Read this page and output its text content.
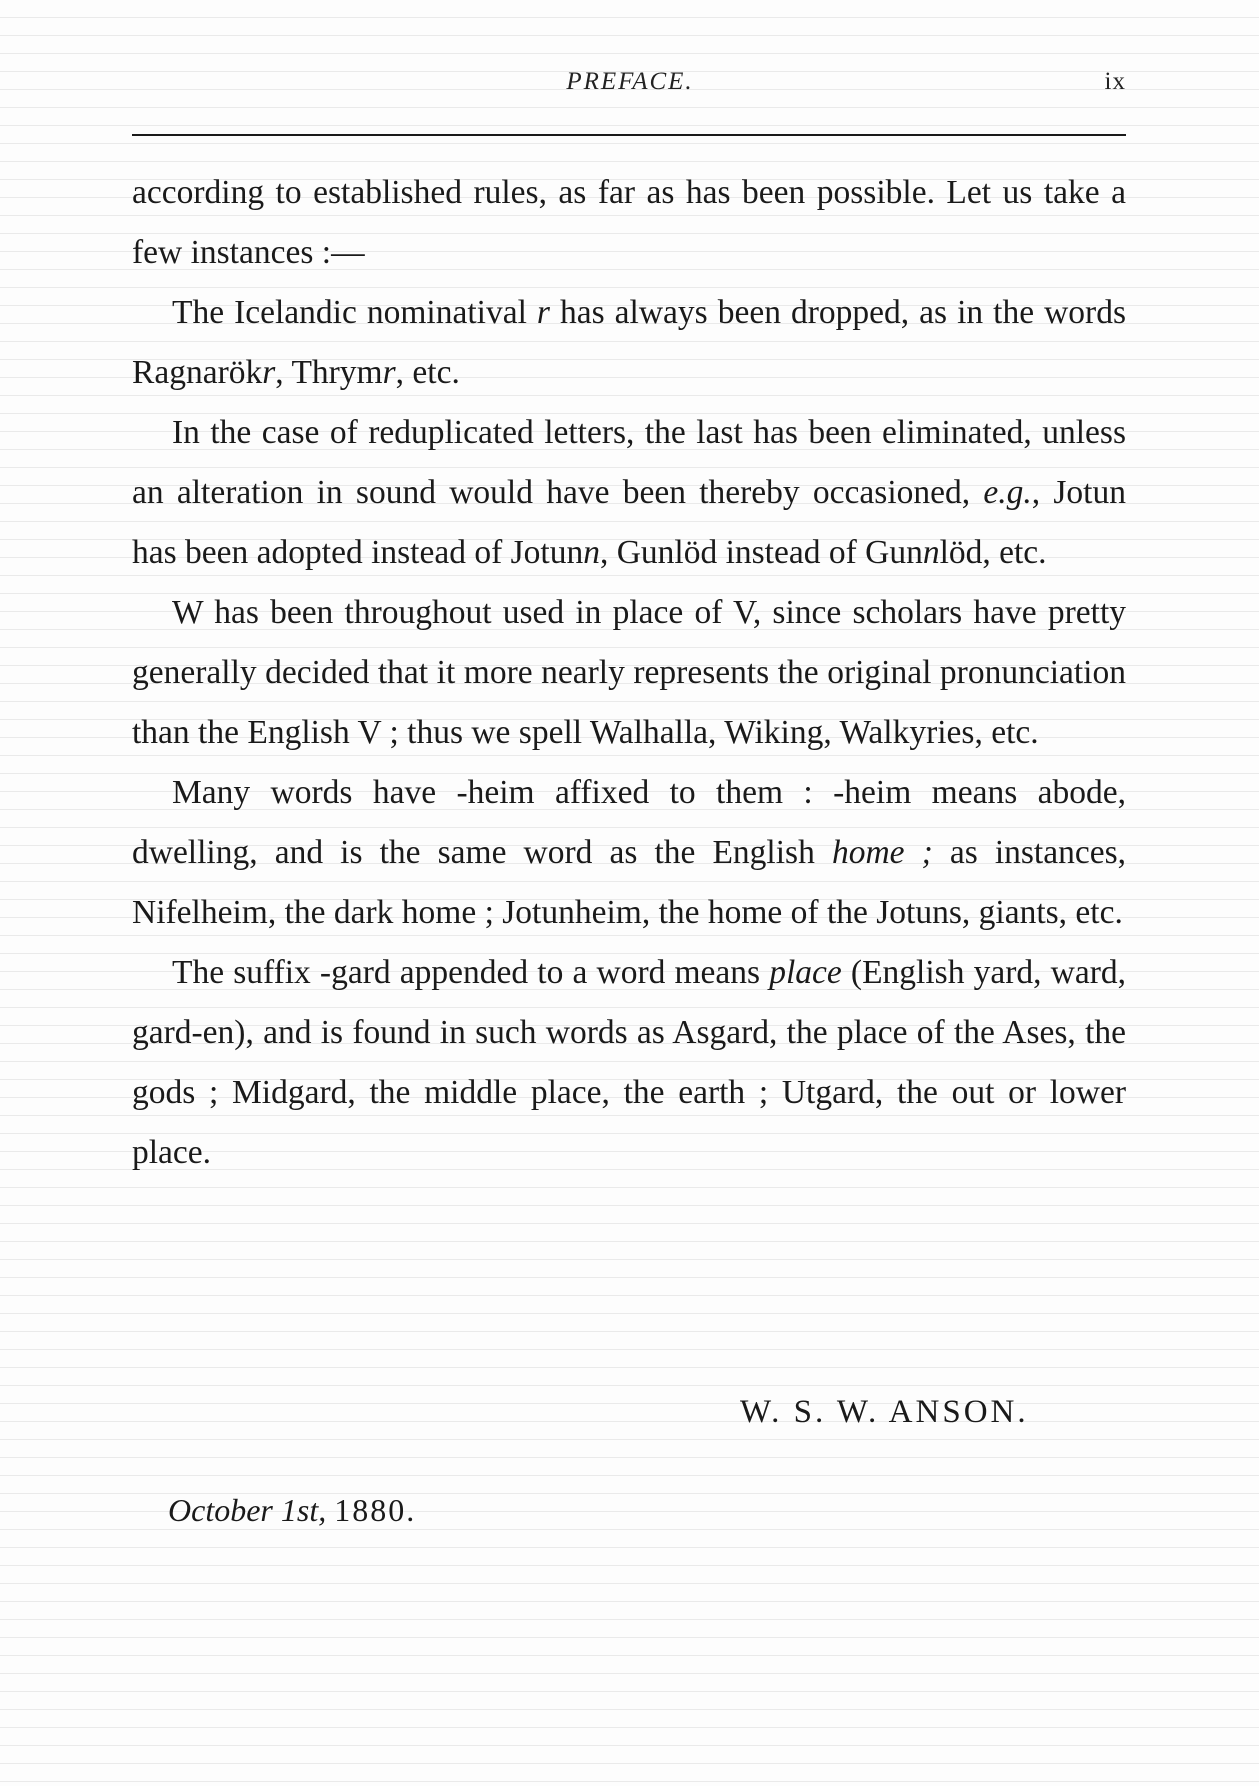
PREFACE.	ix

according to established rules, as far as has been possible. Let us take a few instances :—

The Icelandic nominatival r has always been dropped, as in the words Ragnarökr, Thrymr, etc.

In the case of reduplicated letters, the last has been eliminated, unless an alteration in sound would have been thereby occasioned, e.g., Jotun has been adopted instead of Jotunn, Gunlöd instead of Gunnlöd, etc.

W has been throughout used in place of V, since scholars have pretty generally decided that it more nearly represents the original pronunciation than the English V ; thus we spell Walhalla, Wiking, Walkyries, etc.

Many words have -heim affixed to them : -heim means abode, dwelling, and is the same word as the English home ; as instances, Nifelheim, the dark home ; Jotunheim, the home of the Jotuns, giants, etc.

The suffix -gard appended to a word means place (English yard, ward, gard-en), and is found in such words as Asgard, the place of the Ases, the gods ; Midgard, the middle place, the earth ; Utgard, the out or lower place.

W. S. W. ANSON.
October 1st, 1880.
